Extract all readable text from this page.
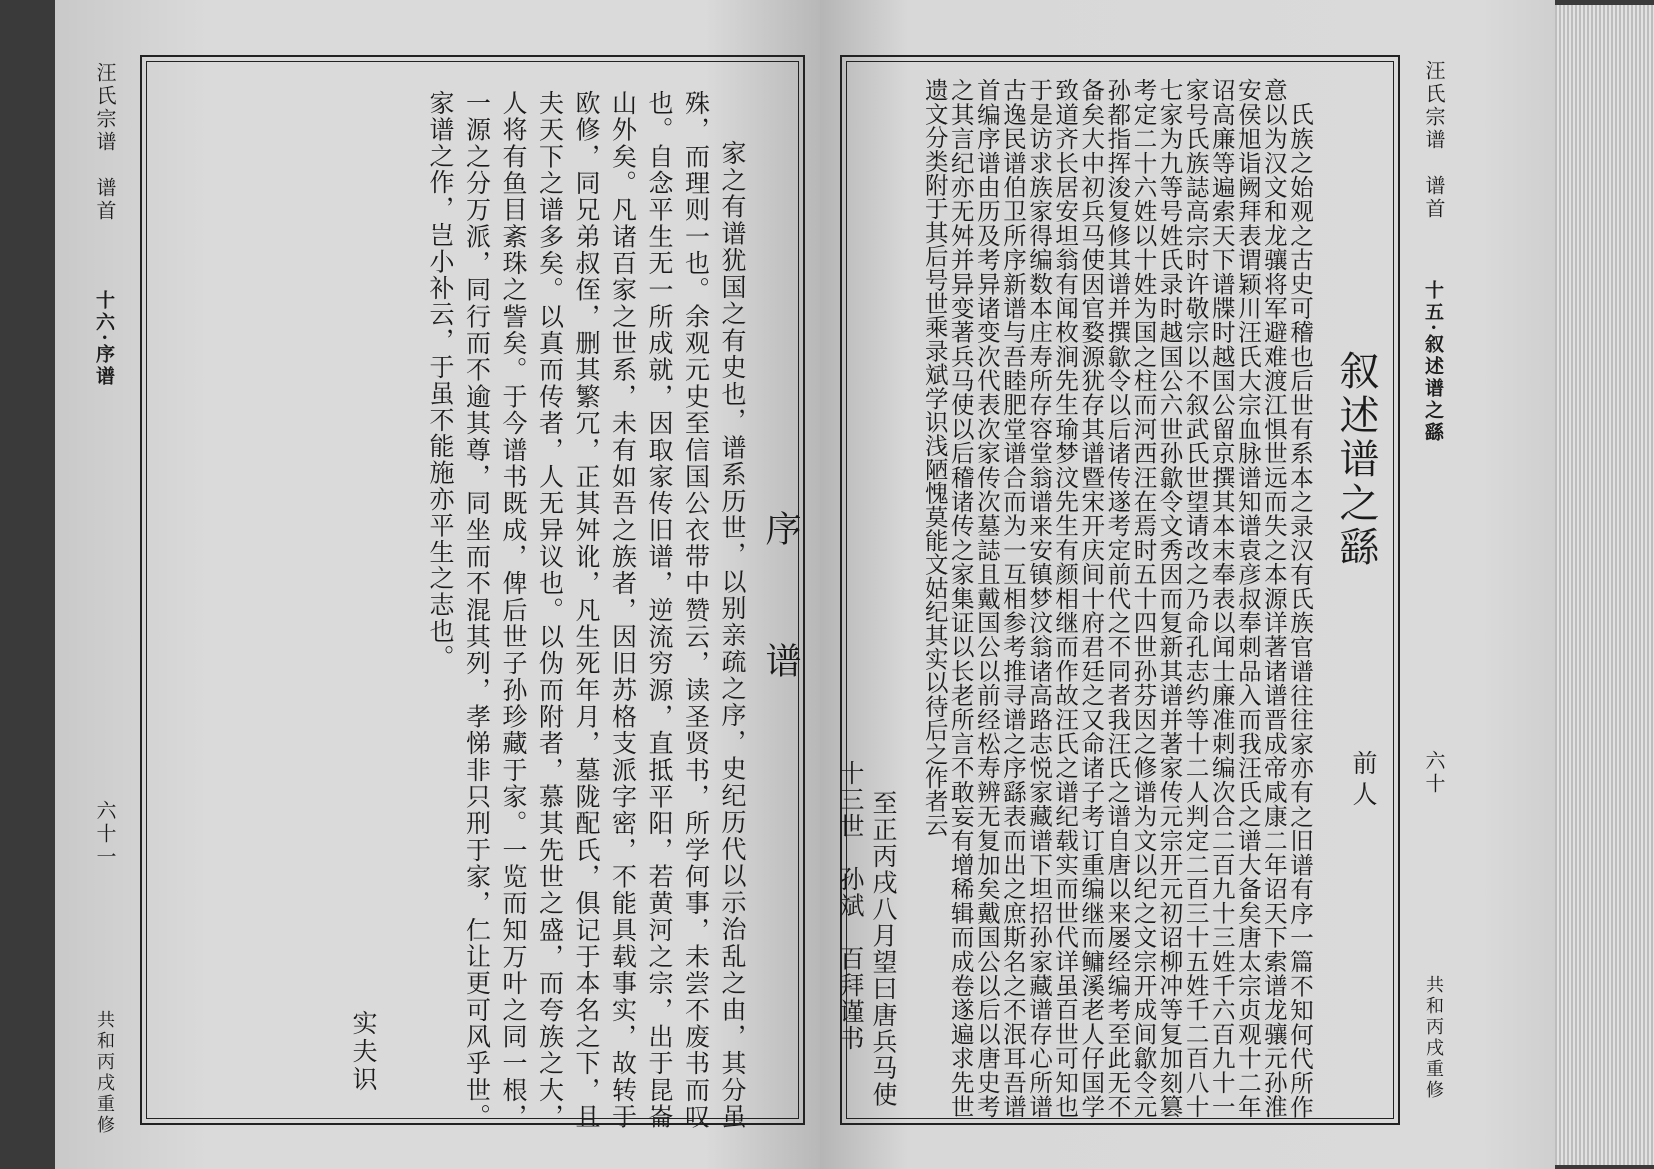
汪氏宗谱　谱首
十六·序谱
六十一
共和丙戌重修
序　谱

家之有谱犹国之有史也，谱系历世，以别亲疏之序，史纪历代以示治乱之由，其分虽殊，而理则一也。余观元史至信国公衣带中赞云，读圣贤书，所学何事，未尝不废书而叹也。自念平生无一所成就，因取家传旧谱，逆流穷源，直抵平阳，若黄河之宗，出于昆崙山外矣。凡诸百家之世系，未有如吾之族者，因旧苏格支派字密，不能具载事实，故转于欧修，同兄弟叔侄，删其繁冗，正其舛讹，凡生死年月，墓陇配氏，俱记于本名之下，且夫天下之谱多矣。以真而传者，人无异议也。以伪而附者，慕其先世之盛，而夸族之大，人将有鱼目紊珠之訾矣。于今谱书既成，俾后世子孙珍藏于家。一览而知万叶之同一根，一源之分万派，同行而不逾其尊，同坐而不混其列，孝悌非只刑于家，仁让更可风乎世。家谱之作，岂小补云，于虽不能施亦平生之志也。

实夫识
叙述谱之繇
前人

氏族之始观之古史可稽也后世有系本之录汉有氏族官谱往往家亦有之旧谱有序一篇不知何代所作意以为汉文和龙骧将军避难渡江惧世远而失之本源详著诸谱晋成帝咸康二年诏天下索谱龙骧元孙淮安侯旭诣阙拜表谓颖川汪氏大宗血脉谱知谱袁彦叔奉刺品入而我汪氏之谱大备矣唐太宗贞观十二年诏高廉等遍索天下谱牒时越国公留京撰其本末奉表以闻士廉准刺编次合二百九十三姓千六百九十一家号氏族誌高宗时许敬宗以不叙武氏世望请改之乃命孔志约等十二人判定二百三十五姓千二百八十七家为九等号姓氏录时越国公六世孙歙令文秀因而复新其谱并著家传元宗开元初诏柳冲等复加刻篡考定二十六姓以十姓为国之柱而河西汪在焉时五十四世孙芬因之修谱为文以纪之文宗开成间歙令元孙都指挥浚复修其谱并撰歙令以后诸传遂考定前代之不同者我汪氏之谱自唐以来屡经编考至此无不备矣大中初兵马使因官婺源犹存其谱暨宋开庆间十府君廷之又命诸子考订重编继而鳙溪老人仔国学致道齐长居安坦翁有闻枚涧先生瑜梦汶先生有颜相继而作故汪氏之谱纪载实而世代详虽百世可知也于是访求族家得编数本庄寿所存容堂翁谱来安镇梦汶翁诸高路志悦家藏谱下坦招孙家藏谱存心所谱古逸民谱伯卫所序新谱与吾睦肥堂谱合而为一互相参考推寻谱之序繇表而出之庶斯名之不泯耳吾谱首编序谱由历及考异诸变次代表次家传次墓誌且戴国公以前经松寿辨无复加矣戴国公以后以唐史考之其言纪亦无舛并异变著兵马使以后稽诸传之家集证以长老所言不敢妄有增稀辑而成卷遂遍求先世遗文分类附于其后号世乘录斌学识浅陋愧莫能文姑纪其实以待后之作者云

至正丙戌八月望曰唐兵马使
十三世　孙斌　百拜谨书
汪氏宗谱　谱首
十五·叙述谱之繇
六十
共和丙戌重修
